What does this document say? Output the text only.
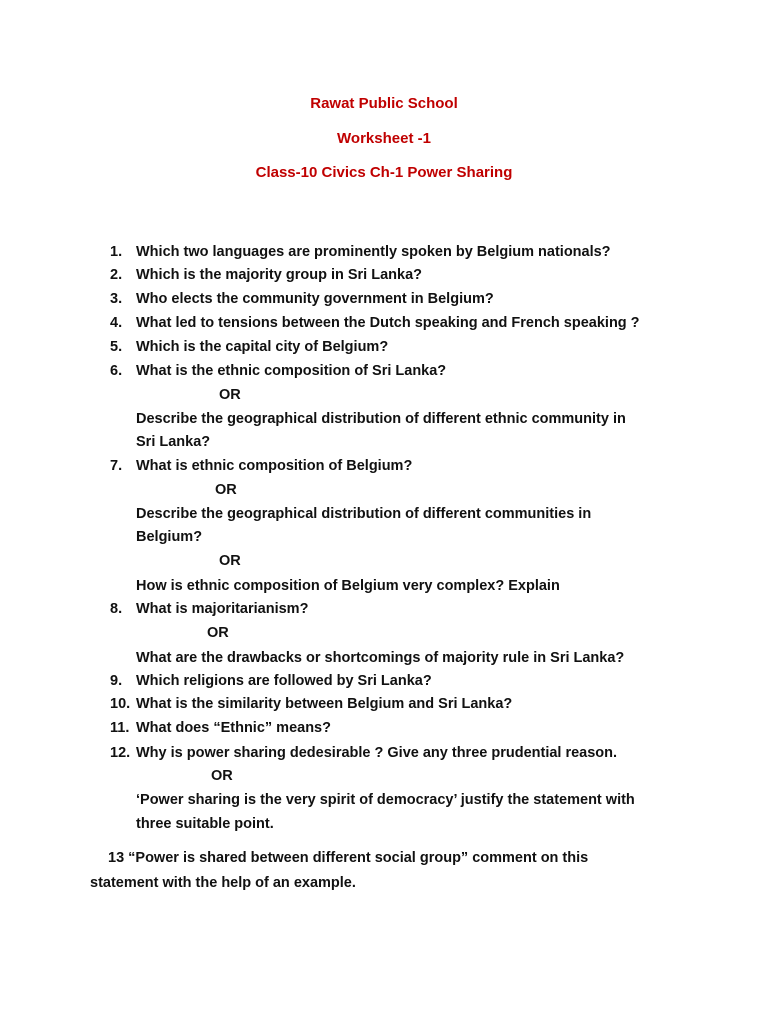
Rawat Public School
Worksheet -1
Class-10 Civics Ch-1 Power Sharing
1. Which two languages are prominently spoken by Belgium nationals?
2. Which is the majority group in Sri Lanka?
3. Who elects the community government in Belgium?
4. What led to tensions between the Dutch speaking and French speaking ?
5. Which is the capital city of Belgium?
6. What is the ethnic composition of Sri Lanka?
OR
Describe the geographical distribution of different ethnic community in
Sri Lanka?
7. What is ethnic composition of Belgium?
OR
Describe the geographical distribution of different communities in
Belgium?
OR
How is ethnic composition of Belgium very complex? Explain
8. What is majoritarianism?
OR
What are the drawbacks or shortcomings of majority rule in Sri Lanka?
9. Which religions are followed by Sri Lanka?
10. What is the similarity between Belgium and Sri Lanka?
11. What does “Ethnic” means?
12. Why is power sharing dedesirable ? Give any three prudential reason.
OR
‘Power sharing is the very spirit of democracy’ justify the statement with
three suitable point.
13 “Power is shared between different social group” comment on this
statement with the help of an example.
